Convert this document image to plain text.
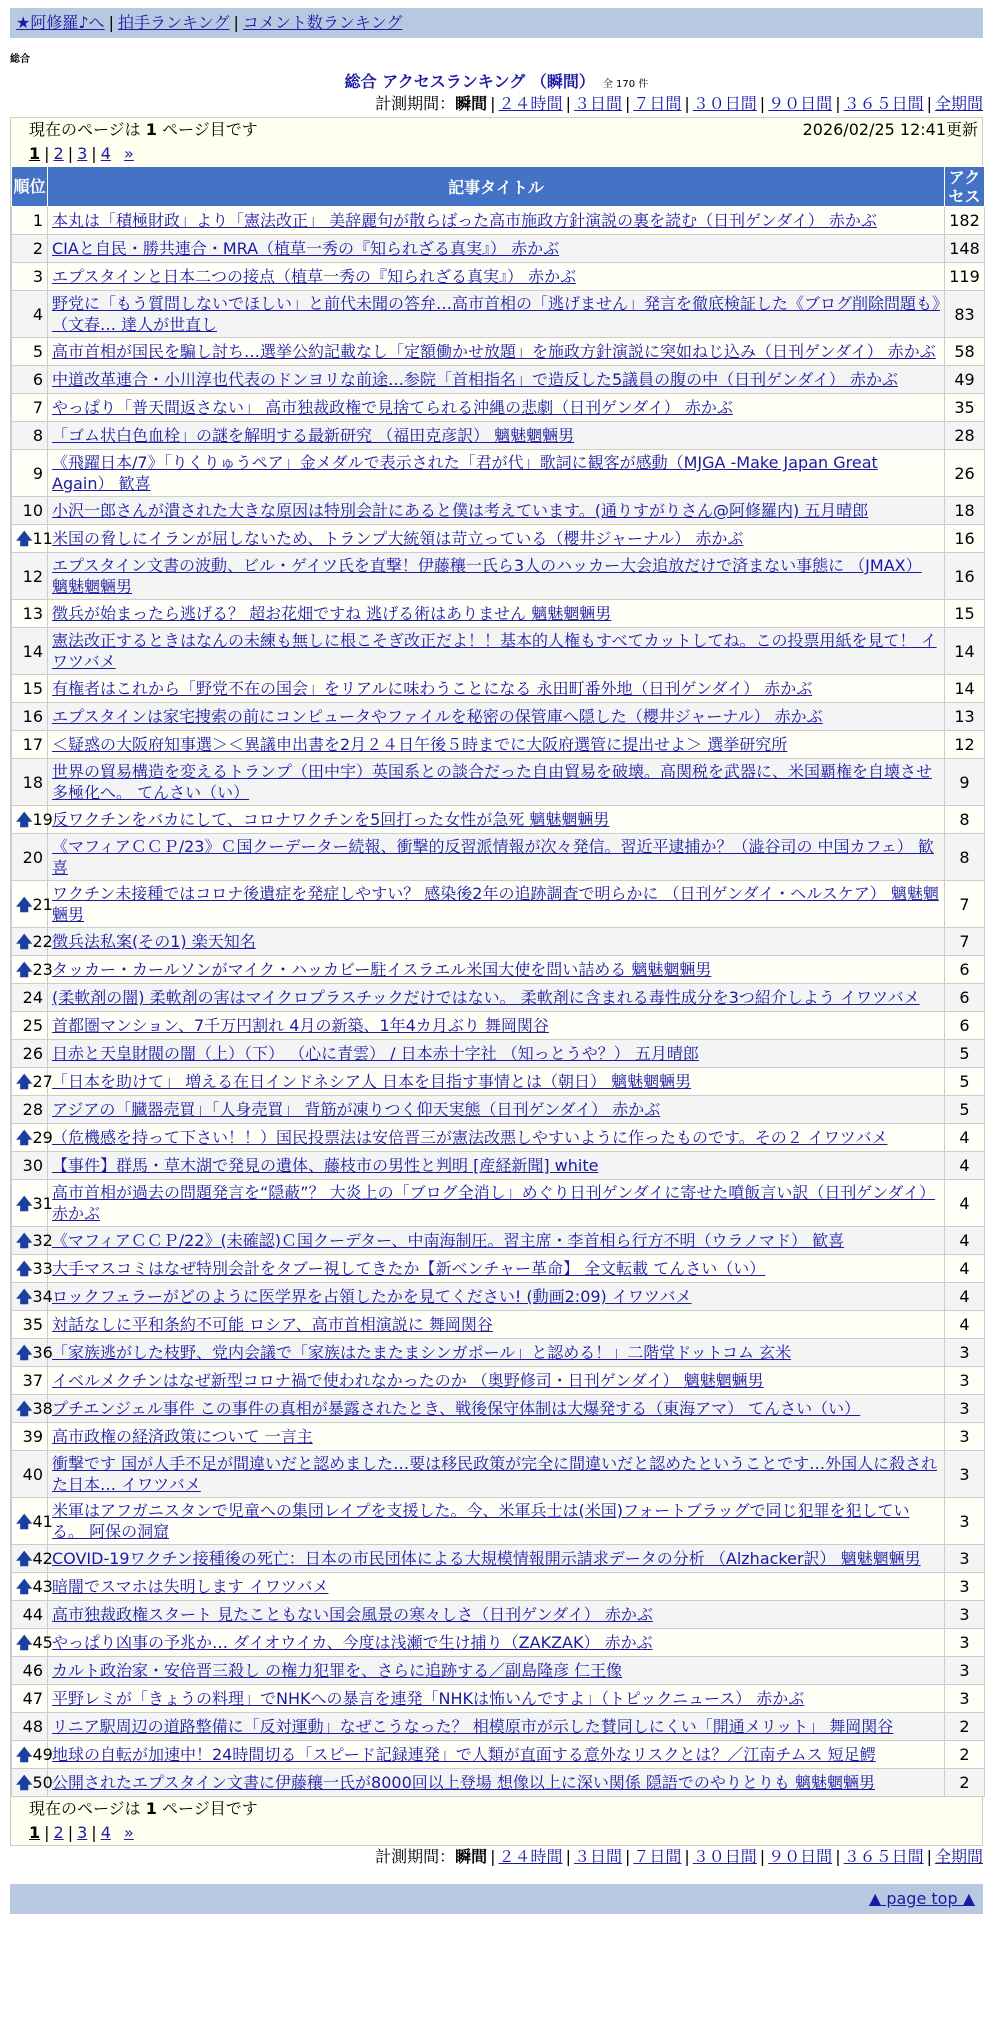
★阿修羅♪へ | 拍手ランキング | コメント数ランキング
総合
総合 アクセスランキング （瞬間） 全 170 件
計測期間：瞬間 | ２４時間 | ３日間 | ７日間 | ３０日間 | ９０日間 | ３６５日間 | 全期間
現在のページは 1 ページ目です	2026/02/25 12:41更新
1 | 2 | 3 | 4 »
順位	記事タイトル	アクセス
1	本丸は「積極財政」より「憲法改正」 美辞麗句が散らばった高市施政方針演説の裏を読む（日刊ゲンダイ） 赤かぶ	182
2	CIAと自民・勝共連合・MRA（植草一秀の『知られざる真実』） 赤かぶ	148
3	エプスタインと日本二つの接点（植草一秀の『知られざる真実』） 赤かぶ	119
4	野党に「もう質問しないでほしい」と前代未聞の答弁…高市首相の「逃げません」発言を徹底検証した《ブログ削除問題も》（文春… 達人が世直し	83
5	高市首相が国民を騙し討ち…選挙公約記載なし「定額働かせ放題」を施政方針演説に突如ねじ込み（日刊ゲンダイ） 赤かぶ	58
6	中道改革連合・小川淳也代表のドンヨリな前途…参院「首相指名」で造反した5議員の腹の中（日刊ゲンダイ） 赤かぶ	49
7	やっぱり「普天間返さない」 高市独裁政権で見捨てられる沖縄の悲劇（日刊ゲンダイ） 赤かぶ	35
8	「ゴム状白色血栓」の謎を解明する最新研究 （福田克彦訳） 魑魅魍魎男	28
9	《飛躍日本/7》「りくりゅうペア」金メダルで表示された「君が代」歌詞に観客が感動（MJGA -Make Japan Great Again） 歓喜	26
10	小沢一郎さんが潰された大きな原因は特別会計にあると僕は考えています。(通りすがりさん@阿修羅内) 五月晴郎	18

🡅 11	米国の脅しにイランが屈しないため、トランプ大統領は苛立っている（櫻井ジャーナル） 赤かぶ	16
12	エプスタイン文書の波動、ビル・ゲイツ氏を直撃！伊藤穰一氏ら3人のハッカー大会追放だけで済まない事態に （JMAX） 魑魅魍魎男	16
13	徴兵が始まったら逃げる？ 超お花畑ですね 逃げる術はありません 魑魅魍魎男	15
14	憲法改正するときはなんの未練も無しに根こそぎ改正だよ！！基本的人権もすべてカットしてね。この投票用紙を見て！ イワツバメ	14
15	有権者はこれから「野党不在の国会」をリアルに味わうことになる 永田町番外地（日刊ゲンダイ） 赤かぶ	14
16	エプスタインは家宅捜索の前にコンピュータやファイルを秘密の保管庫へ隠した（櫻井ジャーナル） 赤かぶ	13
17	＜疑惑の大阪府知事選＞＜異議申出書を2月２４日午後５時までに大阪府選管に提出せよ＞ 選挙研究所	12
18	世界の貿易構造を変えるトランプ（田中宇）英国系との談合だった自由貿易を破壊。高関税を武器に、米国覇権を自壊させ多極化へ。 てんさい（い）	9

🡅 19	反ワクチンをバカにして、コロナワクチンを5回打った女性が急死 魑魅魍魎男	8
20	《マフィアＣＣＰ/23》Ｃ国クーデーター続報、衝撃的反習派情報が次々発信。習近平逮捕か？（澁谷司の 中国カフェ） 歓喜	8

🡅 21	ワクチン未接種ではコロナ後遺症を発症しやすい？ 感染後2年の追跡調査で明らかに （日刊ゲンダイ・ヘルスケア） 魑魅魍魎男	7

🡅 22	徴兵法私案(その1) 楽天知名	7

🡅 23	タッカー・カールソンがマイク・ハッカビー駐イスラエル米国大使を問い詰める 魑魅魍魎男	6
24	(柔軟剤の闇) 柔軟剤の害はマイクロプラスチックだけではない。 柔軟剤に含まれる毒性成分を3つ紹介しよう イワツバメ	6
25	首都圏マンション、7千万円割れ 4月の新築、1年4カ月ぶり 舞岡関谷	6
26	日赤と天皇財閥の闇（上）（下） （心に青雲） / 日本赤十字社 （知っとうや？） 五月晴郎	5

🡅 27	「日本を助けて」 増える在日インドネシア人 日本を目指す事情とは（朝日） 魑魅魍魎男	5
28	アジアの「臓器売買」「人身売買」 背筋が凍りつく仰天実態（日刊ゲンダイ） 赤かぶ	5

🡅 29	（危機感を持って下さい！！）国民投票法は安倍晋三が憲法改悪しやすいように作ったものです。その２ イワツバメ	4
30	【事件】群馬・草木湖で発見の遺体、藤枝市の男性と判明 [産経新聞] white	4

🡅 31	高市首相が過去の問題発言を“隠蔽”？ 大炎上の「ブログ全消し」めぐり日刊ゲンダイに寄せた噴飯言い訳（日刊ゲンダイ） 赤かぶ	4

🡅 32	《マフィアＣＣＰ/22》(未確認)Ｃ国クーデター、中南海制圧。習主席・李首相ら行方不明（ウラノマド） 歓喜	4

🡅 33	大手マスコミはなぜ特別会計をタブー視してきたか【新ベンチャー革命】 全文転載 てんさい（い）	4

🡅 34	ロックフェラーがどのように医学界を占領したかを見てください! (動画2:09) イワツバメ	4
35	対話なしに平和条約不可能 ロシア、高市首相演説に 舞岡関谷	4

🡅 36	「家族逃がした枝野、党内会議で「家族はたまたまシンガポール」と認める！」二階堂ドットコム 玄米	3
37	イベルメクチンはなぜ新型コロナ禍で使われなかったのか （奥野修司・日刊ゲンダイ） 魑魅魍魎男	3

🡅 38	プチエンジェル事件 この事件の真相が暴露されたとき、戦後保守体制は大爆発する（東海アマ） てんさい（い）	3
39	高市政権の経済政策について 一言主	3
40	衝撃です 国が人手不足が間違いだと認めました…要は移民政策が完全に間違いだと認めたということです…外国人に殺された日本… イワツバメ	3

🡅 41	米軍はアフガニスタンで児童への集団レイプを支援した。今、米軍兵士は(米国)フォートブラッグで同じ犯罪を犯している。 阿保の洞窟	3

🡅 42	COVID-19ワクチン接種後の死亡：日本の市民団体による大規模情報開示請求データの分析 （Alzhacker訳） 魑魅魍魎男	3

🡅 43	暗闇でスマホは失明します イワツバメ	3
44	高市独裁政権スタート 見たこともない国会風景の寒々しさ（日刊ゲンダイ） 赤かぶ	3

🡅 45	やっぱり凶事の予兆か… ダイオウイカ、今度は浅瀬で生け捕り（ZAKZAK） 赤かぶ	3
46	カルト政治家・安倍晋三殺し の権力犯罪を、さらに追跡する／副島隆彦 仁王像	3
47	平野レミが「きょうの料理」でNHKへの暴言を連発「NHKは怖いんですよ」（トピックニュース） 赤かぶ	3
48	リニア駅周辺の道路整備に「反対運動」なぜこうなった？ 相模原市が示した賛同しにくい「開通メリット」 舞岡関谷	2

🡅 49	地球の自転が加速中！24時間切る「スピード記録連発」で人類が直面する意外なリスクとは？／江南チムス 短足鰐	2

🡅 50	公開されたエプスタイン文書に伊藤穰一氏が8000回以上登場 想像以上に深い関係 隠語でのやりとりも 魑魅魍魎男	2
現在のページは 1 ページ目です
1 | 2 | 3 | 4 »
計測期間：瞬間 | ２４時間 | ３日間 | ７日間 | ３０日間 | ９０日間 | ３６５日間 | 全期間
▲ page top ▲
